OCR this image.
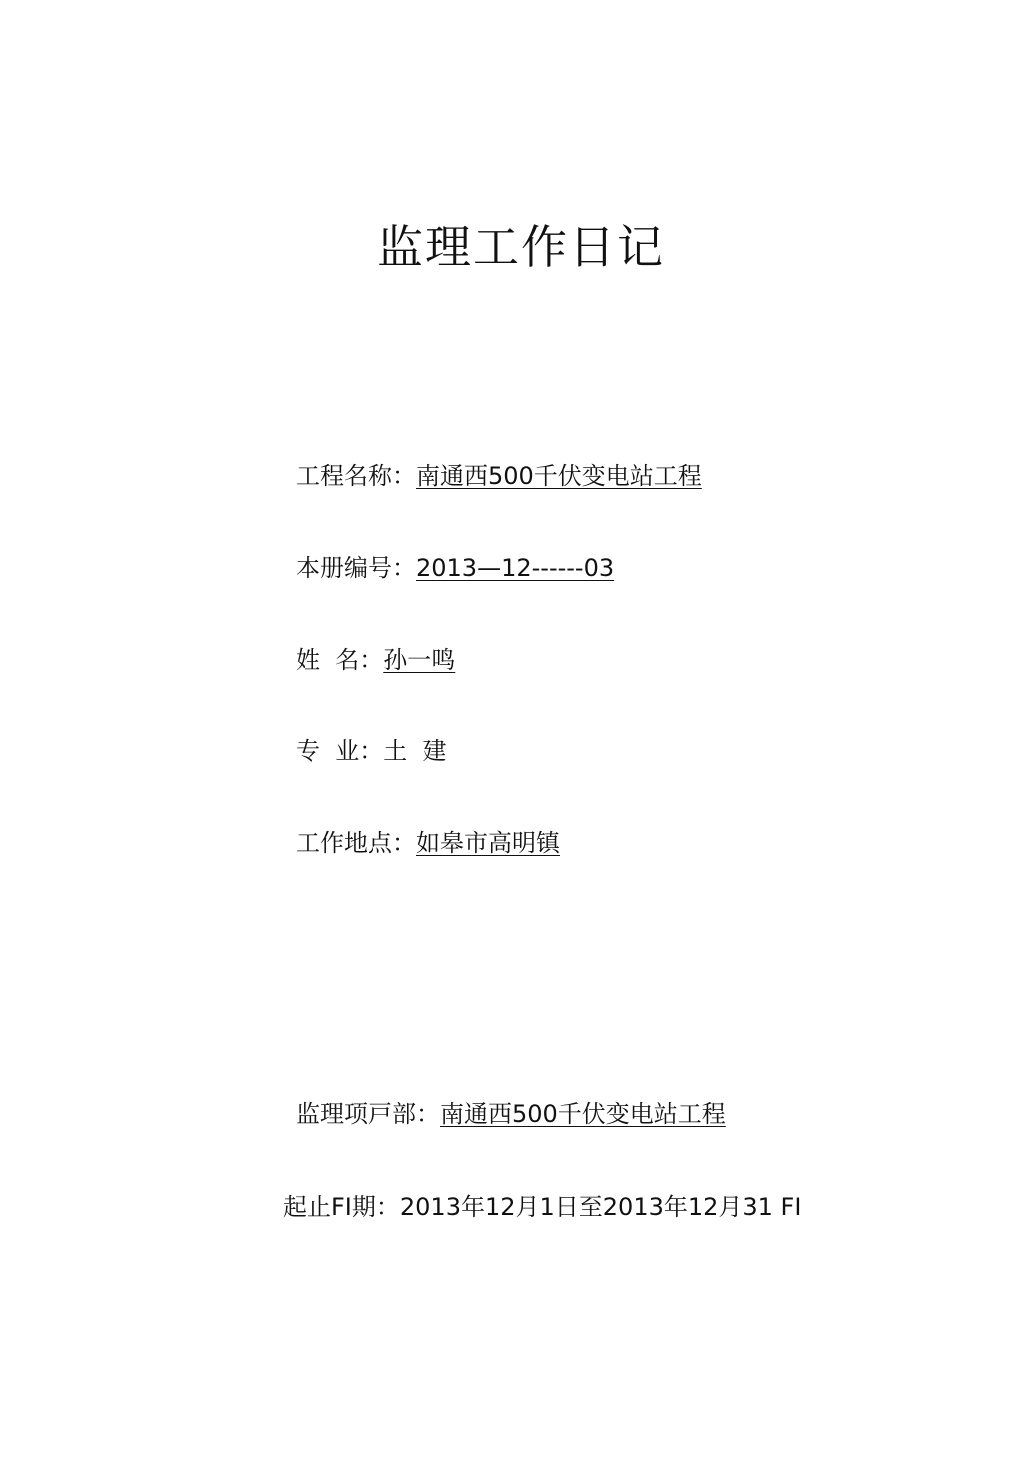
监理工作日记
工程名称：南通西500千伏变电站工程
本册编号：2013—12------03
姓  名：孙一鸣
专  业：土  建
工作地点：如皋市高明镇
监理项戸部：南通西500千伏变电站工程
起止FI期：2013年12月1日至2013年12月31 FI
